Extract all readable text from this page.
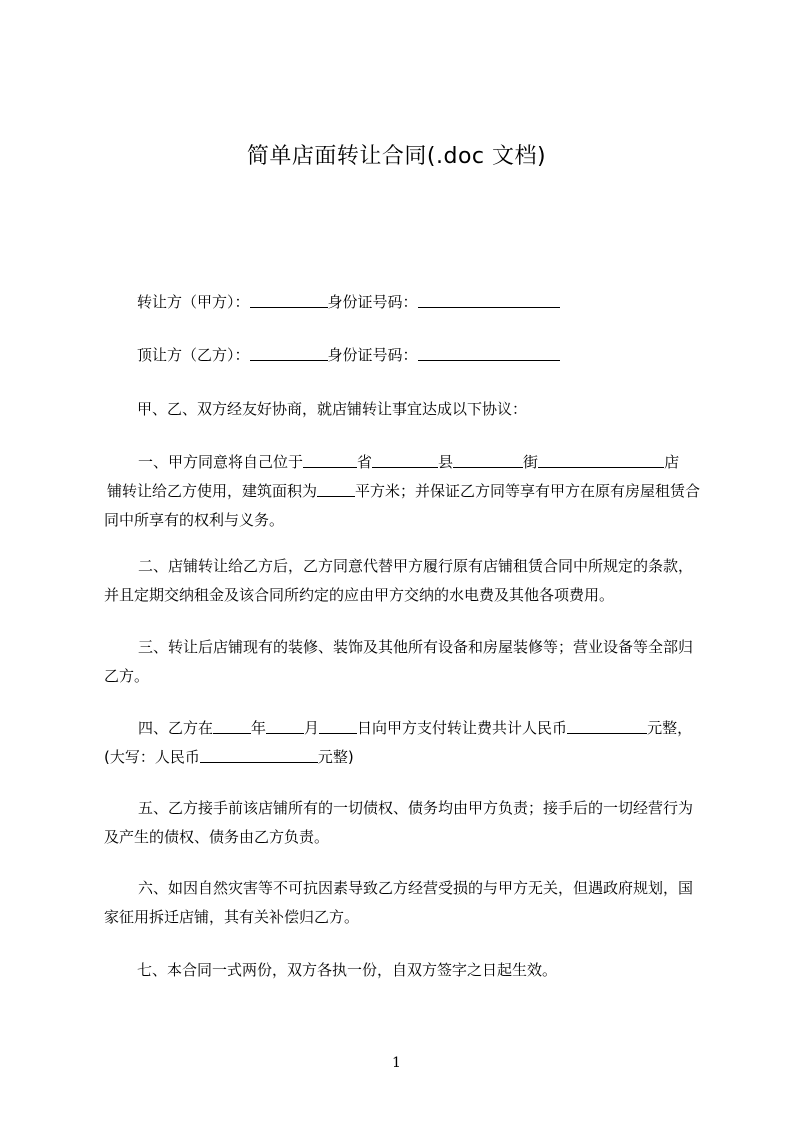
简单店面转让合同(.doc 文档)
转让方（甲方）：	身份证号码：
顶让方（乙方）：	身份证号码：
甲、乙、双方经友好协商，就店铺转让事宜达成以下协议：
一、甲方同意将自己位于	省	县	街	店
铺转让给乙方使用，建筑面积为	平方米；并保证乙方同等享有甲方在原有房屋租赁合同中所享有的权利与义务。
二、店铺转让给乙方后，乙方同意代替甲方履行原有店铺租赁合同中所规定的条款，并且定期交纳租金及该合同所约定的应由甲方交纳的水电费及其他各项费用。
三、转让后店铺现有的装修、装饰及其他所有设备和房屋装修等；营业设备等全部归乙方。
四、乙方在	年	月	日向甲方支付转让费共计人民币	元整，(大写：人民币	元整)
五、乙方接手前该店铺所有的一切债权、债务均由甲方负责；接手后的一切经营行为及产生的债权、债务由乙方负责。
六、如因自然灾害等不可抗因素导致乙方经营受损的与甲方无关，但遇政府规划，国家征用拆迁店铺，其有关补偿归乙方。
七、本合同一式两份，双方各执一份，自双方签字之日起生效。
1
